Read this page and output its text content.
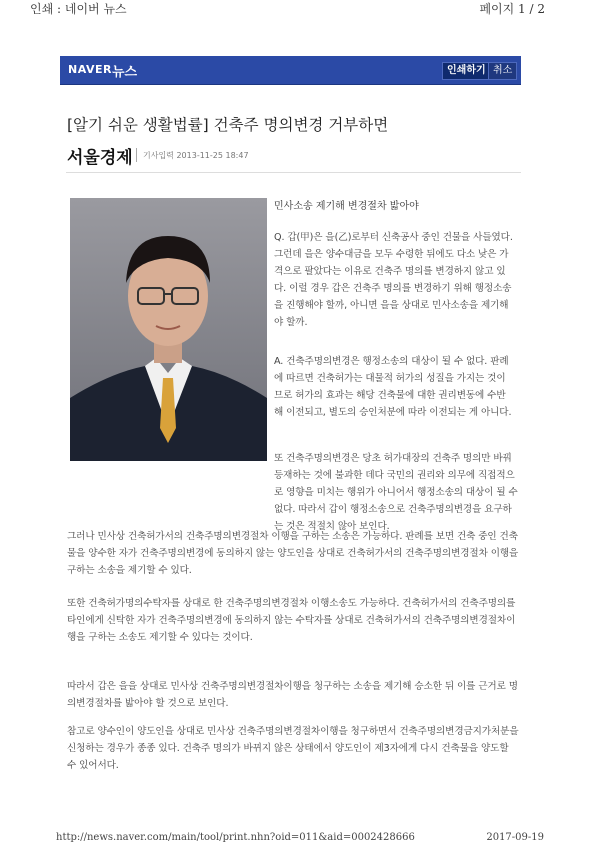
인쇄 : 네이버 뉴스	페이지 1 / 2
NAVER 뉴스	인쇄하기 취소
[알기 쉬운 생활법률] 건축주 명의변경 거부하면
서울경제 기사입력 2013-11-25 18:47
민사소송 제기해 변경절차 밟아야

Q. 갑(甲)은 을(乙)로부터 신축공사 중인 건물을 사들였다. 그런데 을은 양수대금을 모두 수령한 뒤에도 다소 낮은 가격으로 팔았다는 이유로 건축주 명의를 변경하지 않고 있다. 이럴 경우 갑은 건축주 명의를 변경하기 위해 행정소송을 진행해야 할까, 아니면 을을 상대로 민사소송을 제기해야 할까.

A. 건축주명의변경은 행정소송의 대상이 될 수 없다. 판례에 따르면 건축허가는 대물적 허가의 성질을 가지는 것이므로 허가의 효과는 해당 건축물에 대한 권리변동에 수반해 이전되고, 별도의 승인처분에 따라 이전되는 게 아니다.

또 건축주명의변경은 당초 허가대장의 건축주 명의만 바꿔 등재하는 것에 불과한 데다 국민의 권리와 의무에 직접적으로 영향을 미치는 행위가 아니어서 행정소송의 대상이 될 수 없다. 따라서 갑이 행정소송으로 건축주명의변경을 요구하는 것은 적절치 않아 보인다.

그러나 민사상 건축허가서의 건축주명의변경절차 이행을 구하는 소송은 가능하다. 판례를 보면 건축 중인 건축물을 양수한 자가 건축주명의변경에 동의하지 않는 양도인을 상대로 건축허가서의 건축주명의변경절차 이행을 구하는 소송을 제기할 수 있다.

또한 건축허가명의수탁자를 상대로 한 건축주명의변경절차 이행소송도 가능하다. 건축허가서의 건축주명의를 타인에게 신탁한 자가 건축주명의변경에 동의하지 않는 수탁자를 상대로 건축허가서의 건축주명의변경절차이행을 구하는 소송도 제기할 수 있다는 것이다.

따라서 갑은 을을 상대로 민사상 건축주명의변경절차이행을 청구하는 소송을 제기해 승소한 뒤 이를 근거로 명의변경절차를 밟아야 할 것으로 보인다.

참고로 양수인이 양도인을 상대로 민사상 건축주명의변경절차이행을 청구하면서 건축주명의변경금지가처분을 신청하는 경우가 종종 있다. 건축주 명의가 바뀌지 않은 상태에서 양도인이 제3자에게 다시 건축물을 양도할 수 있어서다.

http://news.naver.com/main/tool/print.nhn?oid=011&aid=0002428666	2017-09-19
